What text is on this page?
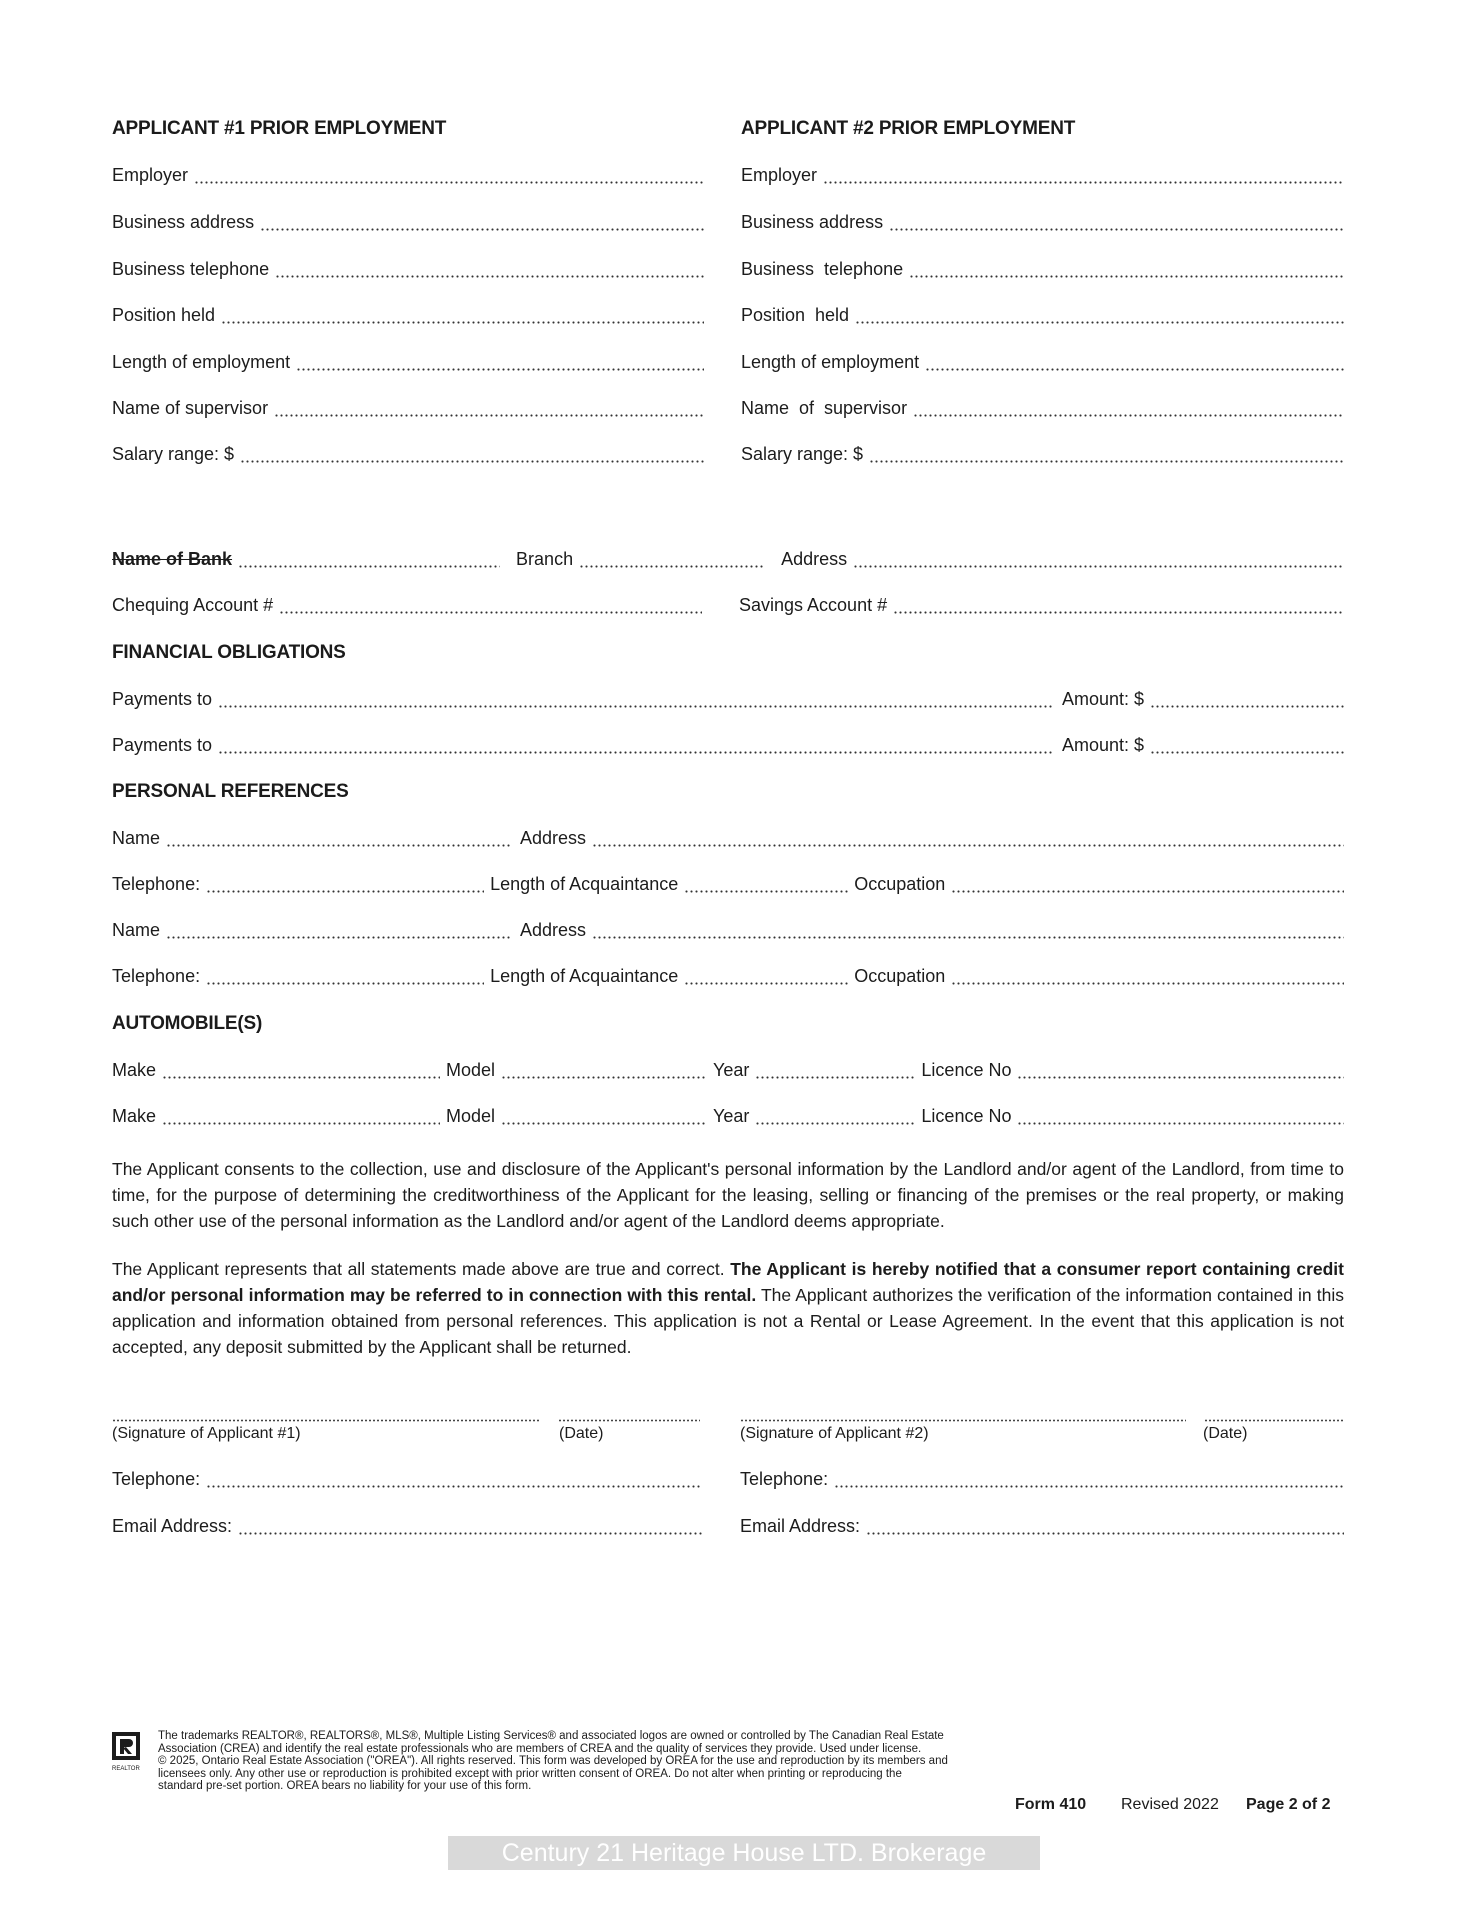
APPLICANT #1 PRIOR EMPLOYMENT
Employer
Business address
Business telephone
Position held
Length of employment
Name of supervisor
Salary range: $
APPLICANT #2 PRIOR EMPLOYMENT
Employer
Business address
Business  telephone
Position  held
Length of employment
Name  of  supervisor
Salary range: $
Name of Bank	Branch	Address
Chequing Account #	Savings Account #
FINANCIAL OBLIGATIONS
Payments to	Amount: $
Payments to	Amount: $
PERSONAL REFERENCES
Name	Address
Telephone:	Length of Acquaintance	Occupation
Name	Address
Telephone:	Length of Acquaintance	Occupation
AUTOMOBILE(S)
Make	Model	Year	Licence No
Make	Model	Year	Licence No

The Applicant consents to the collection, use and disclosure of the Applicant's personal information by the Landlord and/or agent of the Landlord, from time to time, for the purpose of determining the creditworthiness of the Applicant for the leasing, selling or financing of the premises or the real property, or making such other use of the personal information as the Landlord and/or agent of the Landlord deems appropriate.

The Applicant represents that all statements made above are true and correct. The Applicant is hereby notified that a consumer report containing credit and/or personal information may be referred to in connection with this rental. The Applicant authorizes the verification of the information contained in this application and information obtained from personal references. This application is not a Rental or Lease Agreement. In the event that this application is not accepted, any deposit submitted by the Applicant shall be returned.

(Signature of Applicant #1)	(Date)	(Signature of Applicant #2)	(Date)
Telephone:	Telephone:
Email Address:	Email Address:
REALTOR

The trademarks REALTOR®, REALTORS®, MLS®, Multiple Listing Services® and associated logos are owned or controlled by The Canadian Real Estate Association (CREA) and identify the real estate professionals who are members of CREA and the quality of services they provide. Used under license.

© 2025, Ontario Real Estate Association ("OREA"). All rights reserved. This form was developed by OREA for the use and reproduction by its members and licensees only. Any other use or reproduction is prohibited except with prior written consent of OREA. Do not alter when printing or reproducing the standard pre-set portion. OREA bears no liability for your use of this form.

Form 410 Revised 2022 Page 2 of 2
Century 21 Heritage House LTD. Brokerage
